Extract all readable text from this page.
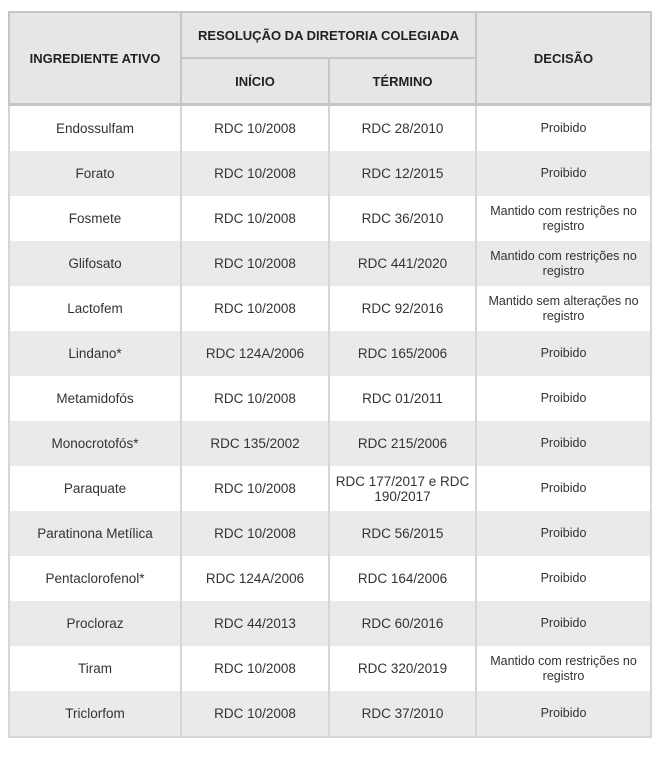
INGREDIENTE ATIVO	RESOLUÇÃO DA DIRETORIA COLEGIADA		DECISÃO
	INÍCIO	TÉRMINO	
Endossulfam	RDC 10/2008	RDC 28/2010	Proibido
Forato	RDC 10/2008	RDC 12/2015	Proibido
Fosmete	RDC 10/2008	RDC 36/2010	Mantido com restrições no registro
Glifosato	RDC 10/2008	RDC 441/2020	Mantido com restrições no registro
Lactofem	RDC 10/2008	RDC 92/2016	Mantido sem alterações no registro
Lindano*	RDC 124A/2006	RDC 165/2006	Proibido
Metamidofós	RDC 10/2008	RDC 01/2011	Proibido
Monocrotofós*	RDC 135/2002	RDC 215/2006	Proibido
Paraquate	RDC 10/2008	RDC 177/2017 e RDC 190/2017	Proibido
Paratinona Metílica	RDC 10/2008	RDC 56/2015	Proibido
Pentaclorofenol*	RDC 124A/2006	RDC 164/2006	Proibido
Procloraz	RDC 44/2013	RDC 60/2016	Proibido
Tiram	RDC 10/2008	RDC 320/2019	Mantido com restrições no registro
Triclorfom	RDC 10/2008	RDC 37/2010	Proibido
